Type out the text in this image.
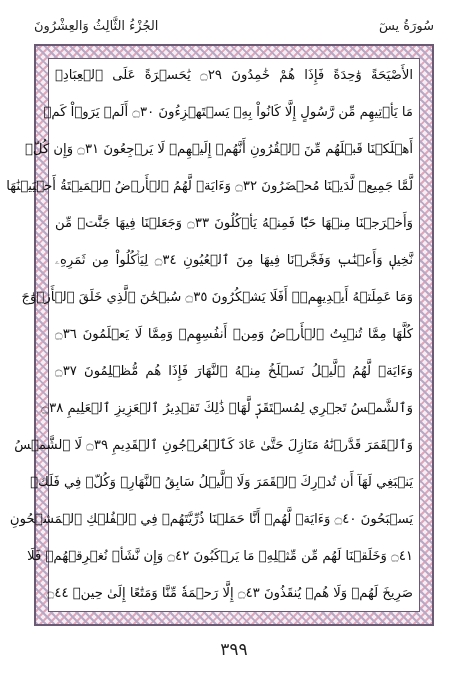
سُورَةُ يسٓ
الجُزْءُ الثَّالِثُ وَالعِشْرُونَ
الأَصْيَحَةً وَٰحِدَةً فَإِذَا هُمْ خَٰمِدُونَ ۝٢٩ يَٰحَسۡرَةً عَلَى ٱلۡعِبَادِۚ
مَا يَأۡتِيهِم مِّن رَّسُولٍ إِلَّا كَانُواْ بِهِۦ يَسۡتَهۡزِءُونَ ۝٣٠ أَلَمۡ يَرَوۡاْ كَمۡ
أَهۡلَكۡنَا قَبۡلَهُم مِّنَ ٱلۡقُرُونِ أَنَّهُمۡ إِلَيۡهِمۡ لَا يَرۡجِعُونَ ۝٣١ وَإِن كُلّٞ
لَّمَّا جَمِيعٞ لَّدَيۡنَا مُحۡضَرُونَ ۝٣٢ وَءَايَةٞ لَّهُمُ ٱلۡأَرۡضُ ٱلۡمَيۡتَةُ أَحۡيَيۡنَٰهَا
وَأَخۡرَجۡنَا مِنۡهَا حَبّٗا فَمِنۡهُ يَأۡكُلُونَ ۝٣٣ وَجَعَلۡنَا فِيهَا جَنَّٰتٖ مِّن
نَّخِيلٖ وَأَعۡنَٰبٖ وَفَجَّرۡنَا فِيهَا مِنَ ٱلۡعُيُونِ ۝٣٤ لِيَأۡكُلُواْ مِن ثَمَرِهِۦ
وَمَا عَمِلَتۡهُ أَيۡدِيهِمۡۚ أَفَلَا يَشۡكُرُونَ ۝٣٥ سُبۡحَٰنَ ٱلَّذِي خَلَقَ ٱلۡأَزۡوَٰجَ
كُلَّهَا مِمَّا تُنۢبِتُ ٱلۡأَرۡضُ وَمِنۡ أَنفُسِهِمۡ وَمِمَّا لَا يَعۡلَمُونَ ۝٣٦
وَءَايَةٞ لَّهُمُ ٱلَّيۡلُ نَسۡلَخُ مِنۡهُ ٱلنَّهَارَ فَإِذَا هُم مُّظۡلِمُونَ ۝٣٧
وَٱلشَّمۡسُ تَجۡرِي لِمُسۡتَقَرّٖ لَّهَاۚ ذَٰلِكَ تَقۡدِيرُ ٱلۡعَزِيزِ ٱلۡعَلِيمِ ۝٣٨
وَٱلۡقَمَرَ قَدَّرۡنَٰهُ مَنَازِلَ حَتَّىٰ عَادَ كَٱلۡعُرۡجُونِ ٱلۡقَدِيمِ ۝٣٩ لَا ٱلشَّمۡسُ
يَنۢبَغِي لَهَآ أَن تُدۡرِكَ ٱلۡقَمَرَ وَلَا ٱلَّيۡلُ سَابِقُ ٱلنَّهَارِۚ وَكُلّٞ فِي فَلَكٖ
يَسۡبَحُونَ ۝٤٠ وَءَايَةٞ لَّهُمۡ أَنَّا حَمَلۡنَا ذُرِّيَّتَهُمۡ فِي ٱلۡفُلۡكِ ٱلۡمَشۡحُونِ
۝٤١ وَخَلَقۡنَا لَهُم مِّن مِّثۡلِهِۦ مَا يَرۡكَبُونَ ۝٤٢ وَإِن نَّشَأۡ نُغۡرِقۡهُمۡ فَلَا
صَرِيخَ لَهُمۡ وَلَا هُمۡ يُنقَذُونَ ۝٤٣ إِلَّا رَحۡمَةٗ مِّنَّا وَمَتَٰعًا إِلَىٰ حِينٖ ۝٤٤
٣٩٩
